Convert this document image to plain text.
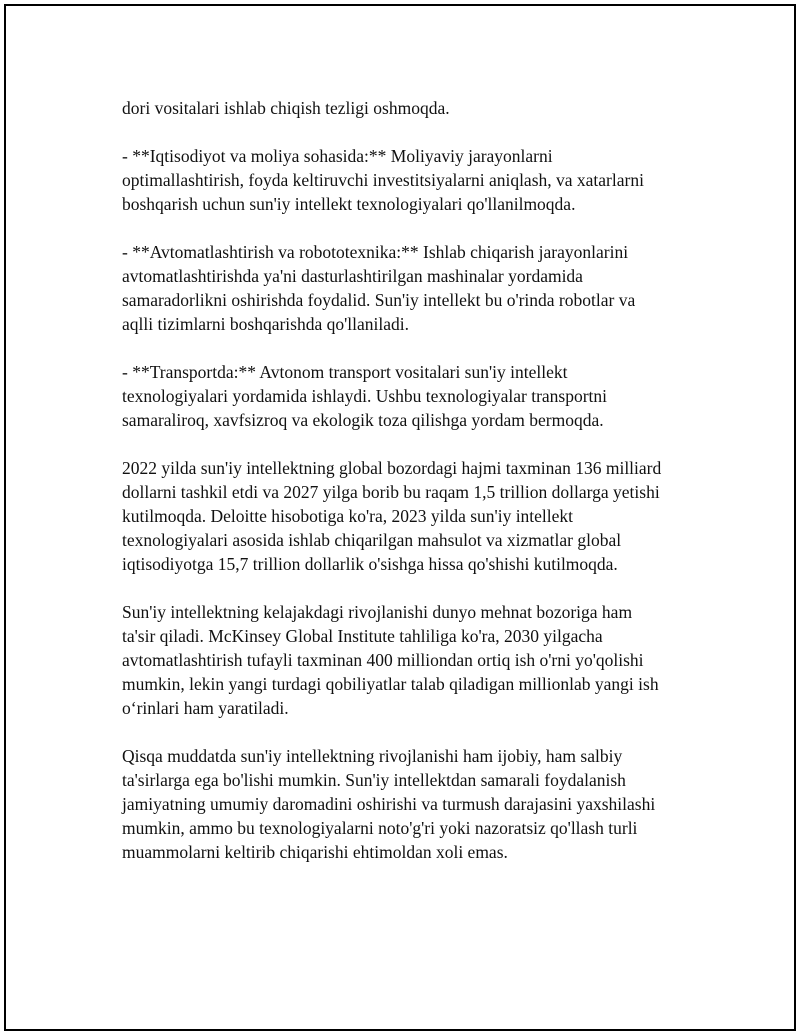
dori vositalari ishlab chiqish tezligi oshmoqda.
- **Iqtisodiyot va moliya sohasida:** Moliyaviy jarayonlarni
optimallashtirish, foyda keltiruvchi investitsiyalarni aniqlash, va xatarlarni
boshqarish uchun sun'iy intellekt texnologiyalari qo'llanilmoqda.
- **Avtomatlashtirish va robototexnika:** Ishlab chiqarish jarayonlarini
avtomatlashtirishda ya'ni dasturlashtirilgan mashinalar yordamida
samaradorlikni oshirishda foydalid. Sun'iy intellekt bu o'rinda robotlar va
aqlli tizimlarni boshqarishda qo'llaniladi.
- **Transportda:** Avtonom transport vositalari sun'iy intellekt
texnologiyalari yordamida ishlaydi. Ushbu texnologiyalar transportni
samaraliroq, xavfsizroq va ekologik toza qilishga yordam bermoqda.
2022 yilda sun'iy intellektning global bozordagi hajmi taxminan 136 milliard
dollarni tashkil etdi va 2027 yilga borib bu raqam 1,5 trillion dollarga yetishi
kutilmoqda. Deloitte hisobotiga ko'ra, 2023 yilda sun'iy intellekt
texnologiyalari asosida ishlab chiqarilgan mahsulot va xizmatlar global
iqtisodiyotga 15,7 trillion dollarlik o'sishga hissa qo'shishi kutilmoqda.
Sun'iy intellektning kelajakdagi rivojlanishi dunyo mehnat bozoriga ham
ta'sir qiladi. McKinsey Global Institute tahliliga ko'ra, 2030 yilgacha
avtomatlashtirish tufayli taxminan 400 milliondan ortiq ish o'rni yo'qolishi
mumkin, lekin yangi turdagi qobiliyatlar talab qiladigan millionlab yangi ish
o‘rinlari ham yaratiladi.
Qisqa muddatda sun'iy intellektning rivojlanishi ham ijobiy, ham salbiy
ta'sirlarga ega bo'lishi mumkin. Sun'iy intellektdan samarali foydalanish
jamiyatning umumiy daromadini oshirishi va turmush darajasini yaxshilashi
mumkin, ammo bu texnologiyalarni noto'g'ri yoki nazoratsiz qo'llash turli
muammolarni keltirib chiqarishi ehtimoldan xoli emas.
